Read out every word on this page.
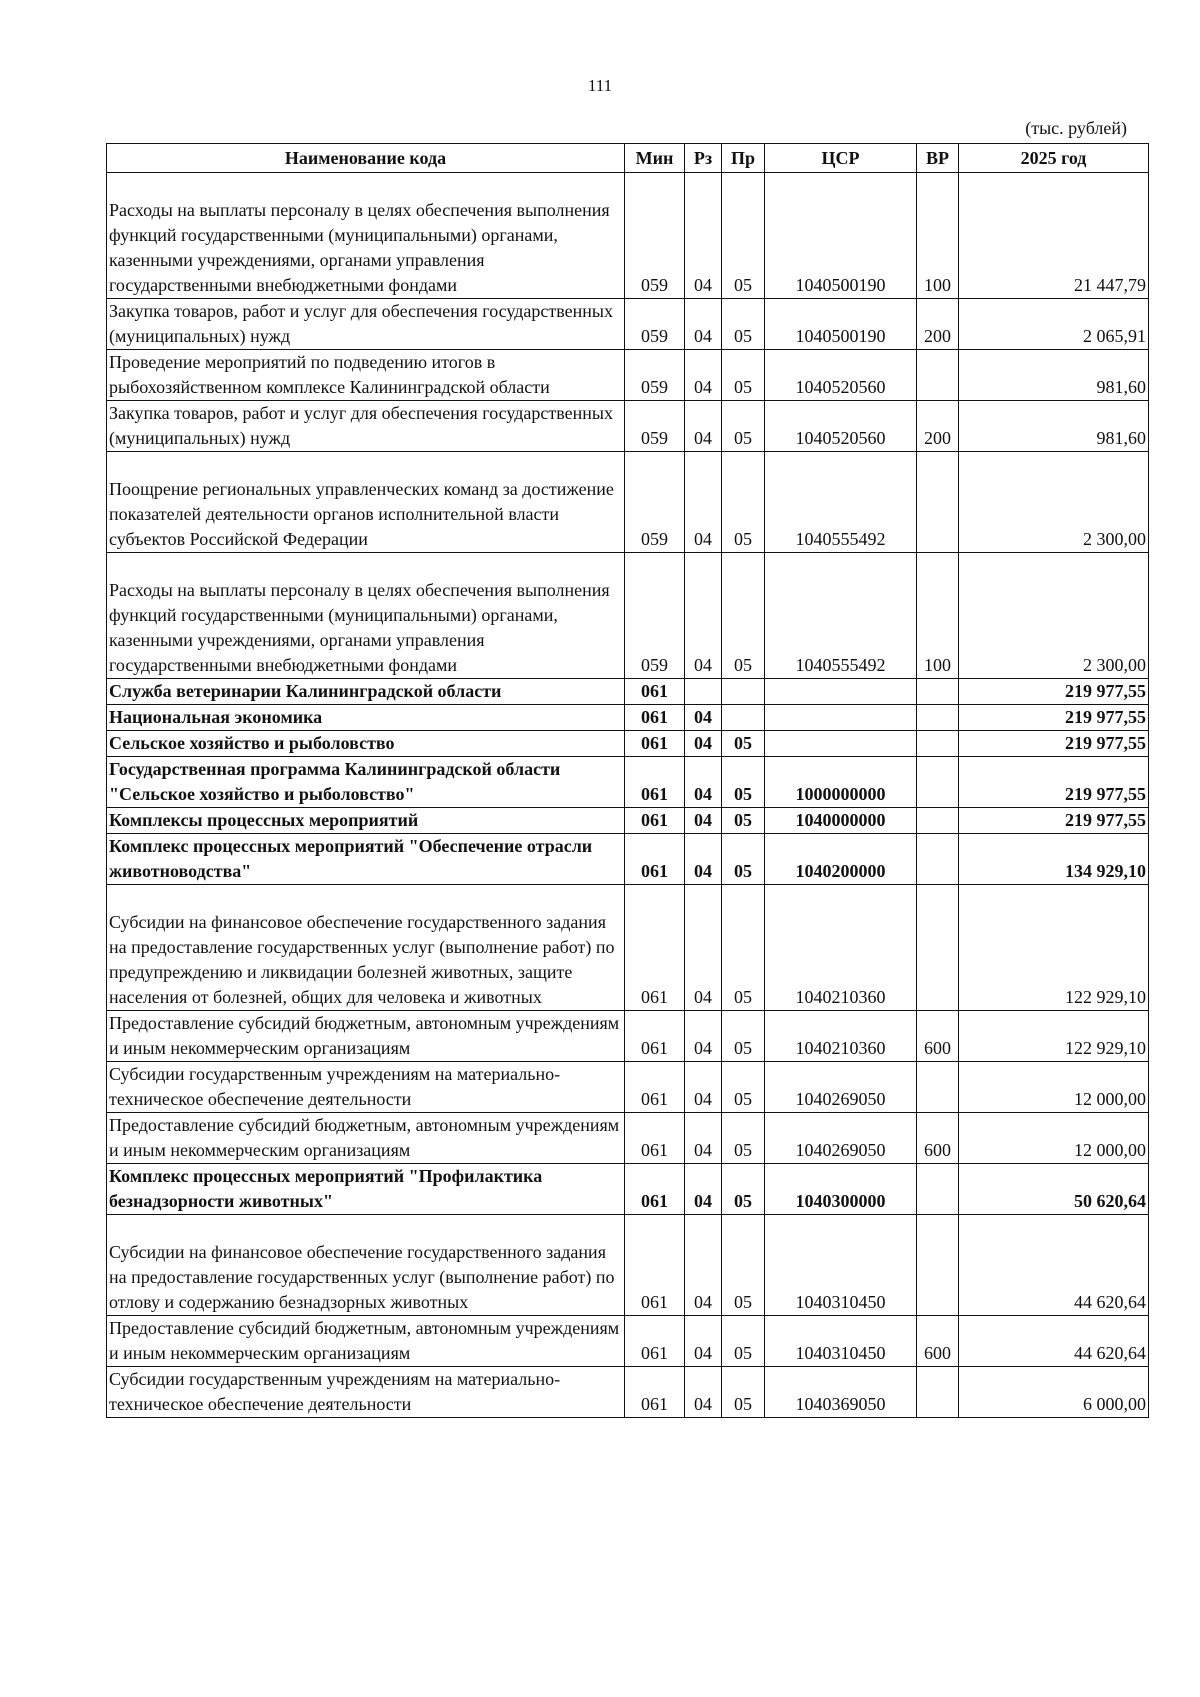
111
(тыс. рублей)
Наименование кода	Мин	Рз	Пр	ЦСР	ВР	2025 год
Расходы на выплаты персоналу в целях обеспечения выполнения функций государственными (муниципальными) органами, казенными учреждениями, органами управления государственными внебюджетными фондами	059	04	05	1040500190	100	21 447,79
Закупка товаров, работ и услуг для обеспечения государственных (муниципальных) нужд	059	04	05	1040500190	200	2 065,91
Проведение мероприятий по подведению итогов в рыбохозяйственном комплексе Калининградской области	059	04	05	1040520560		981,60
Закупка товаров, работ и услуг для обеспечения государственных (муниципальных) нужд	059	04	05	1040520560	200	981,60
Поощрение региональных управленческих команд за достижение показателей деятельности органов исполнительной власти субъектов Российской Федерации	059	04	05	1040555492		2 300,00
Расходы на выплаты персоналу в целях обеспечения выполнения функций государственными (муниципальными) органами, казенными учреждениями, органами управления государственными внебюджетными фондами	059	04	05	1040555492	100	2 300,00
Служба ветеринарии Калининградской области	061					219 977,55
Национальная экономика	061	04				219 977,55
Сельское хозяйство и рыболовство	061	04	05			219 977,55
Государственная программа Калининградской области "Сельское хозяйство и рыболовство"	061	04	05	1000000000		219 977,55
Комплексы процессных мероприятий	061	04	05	1040000000		219 977,55
Комплекс процессных мероприятий "Обеспечение отрасли животноводства"	061	04	05	1040200000		134 929,10
Субсидии на финансовое обеспечение государственного задания на предоставление государственных услуг (выполнение работ) по предупреждению и ликвидации болезней животных, защите населения от болезней, общих для человека и животных	061	04	05	1040210360		122 929,10
Предоставление субсидий бюджетным, автономным учреждениям и иным некоммерческим организациям	061	04	05	1040210360	600	122 929,10
Субсидии государственным учреждениям на материально-техническое обеспечение деятельности	061	04	05	1040269050		12 000,00
Предоставление субсидий бюджетным, автономным учреждениям и иным некоммерческим организациям	061	04	05	1040269050	600	12 000,00
Комплекс процессных мероприятий "Профилактика безнадзорности животных"	061	04	05	1040300000		50 620,64
Субсидии на финансовое обеспечение государственного задания на предоставление государственных услуг (выполнение работ) по отлову и содержанию безнадзорных животных	061	04	05	1040310450		44 620,64
Предоставление субсидий бюджетным, автономным учреждениям и иным некоммерческим организациям	061	04	05	1040310450	600	44 620,64
Субсидии государственным учреждениям на материально-техническое обеспечение деятельности	061	04	05	1040369050		6 000,00
